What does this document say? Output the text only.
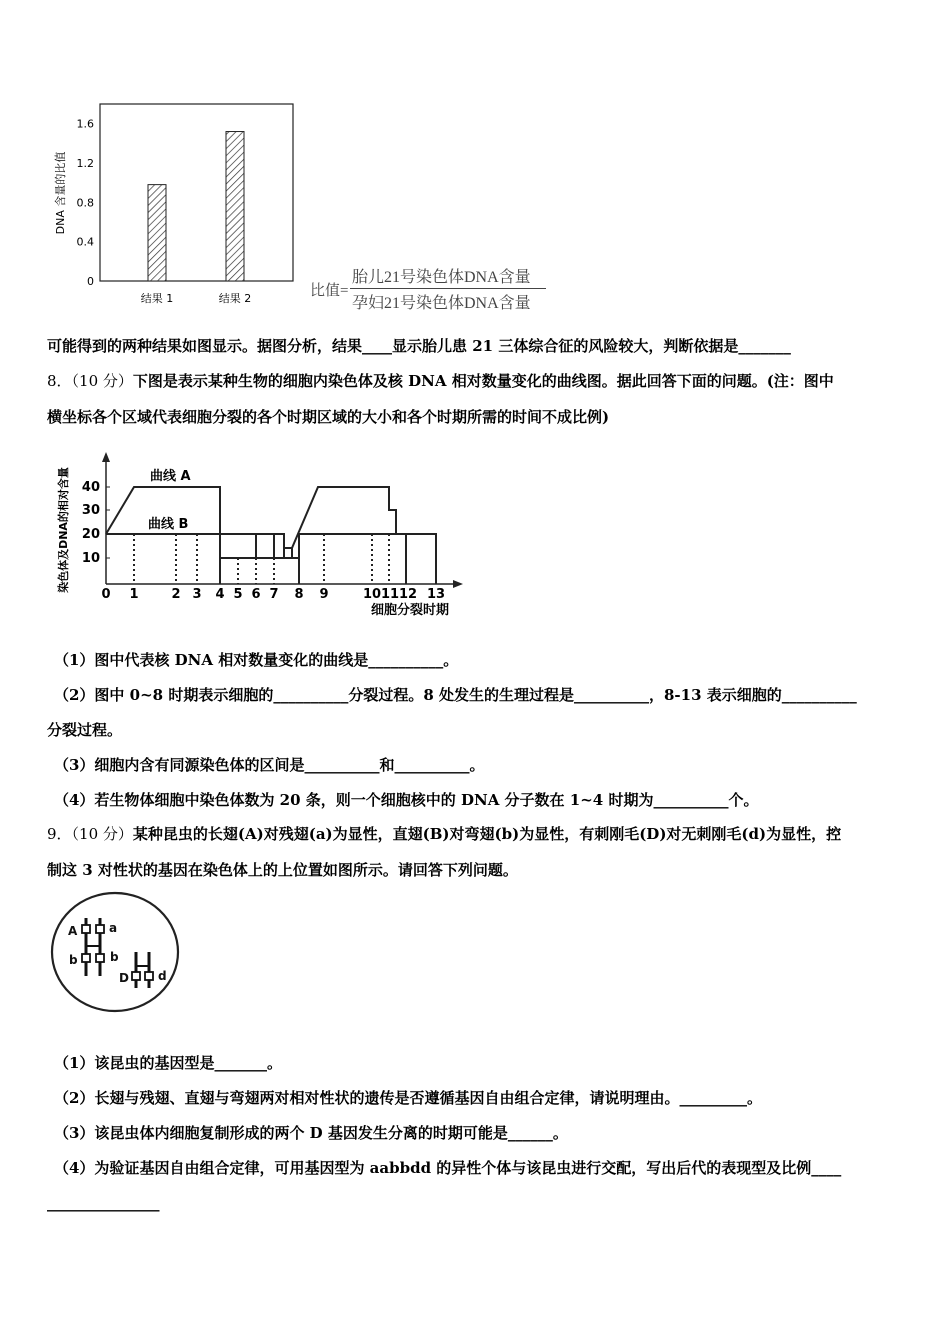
DNA 含量的比值
0
0.4
0.8
1.2
1.6
结果 1	结果 2	比值=
胎儿21号染色体DNA含量
孕妇21号染色体DNA含量
可能得到的两种结果如图显示。据图分析，结果____显示胎儿患 21 三体综合征的风险较大，判断依据是_______
8．（10 分）下图是表示某种生物的细胞内染色体及核 DNA 相对数量变化的曲线图。据此回答下面的问题。(注：图中
横坐标各个区域代表细胞分裂的各个时期区域的大小和各个时期所需的时间不成比例)
染色体及DNA的相对含量 10
20
30
40
曲线 A
曲线 B
0 1	2 3 4 5 6 7 8 9	10 11 12 13
细胞分裂时期
（1）图中代表核 DNA 相对数量变化的曲线是__________。
（2）图中 0~8 时期表示细胞的__________分裂过程。8 处发生的生理过程是__________，8-13 表示细胞的__________
分裂过程。
（3）细胞内含有同源染色体的区间是__________和__________。
（4）若生物体细胞中染色体数为 20 条，则一个细胞核中的 DNA 分子数在 1~4 时期为__________个。
9．（10 分）某种昆虫的长翅(A)对残翅(a)为显性，直翅(B)对弯翅(b)为显性，有刺刚毛(D)对无刺刚毛(d)为显性，控
制这 3 对性状的基因在染色体上的上位置如图所示。请回答下列问题。
A	a
b	b
D d
（1）该昆虫的基因型是_______。
（2）长翅与残翅、直翅与弯翅两对相对性状的遗传是否遵循基因自由组合定律，请说明理由。_________。
（3）该昆虫体内细胞复制形成的两个 D 基因发生分离的时期可能是______。
（4）为验证基因自由组合定律，可用基因型为 aabbdd 的异性个体与该昆虫进行交配，写出后代的表现型及比例____
_______________
